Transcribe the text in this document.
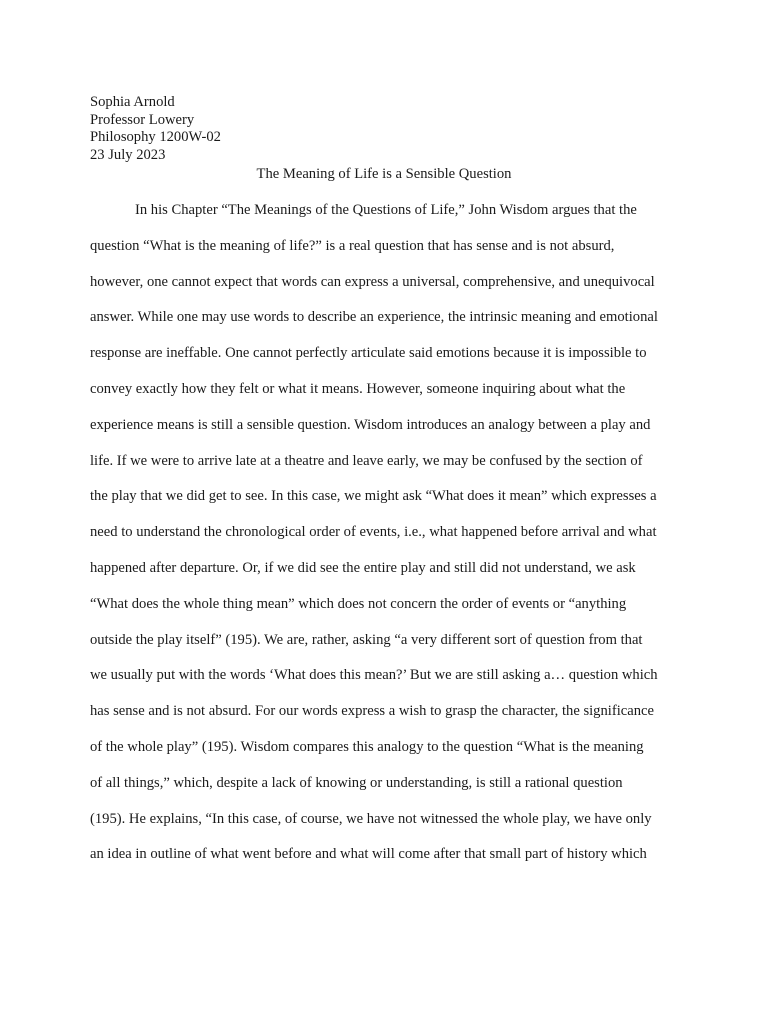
Sophia Arnold
Professor Lowery
Philosophy 1200W-02
23 July 2023
The Meaning of Life is a Sensible Question
In his Chapter “The Meanings of the Questions of Life,” John Wisdom argues that the
question “What is the meaning of life?” is a real question that has sense and is not absurd,
however, one cannot expect that words can express a universal, comprehensive, and unequivocal
answer. While one may use words to describe an experience, the intrinsic meaning and emotional
response are ineffable. One cannot perfectly articulate said emotions because it is impossible to
convey exactly how they felt or what it means. However, someone inquiring about what the
experience means is still a sensible question. Wisdom introduces an analogy between a play and
life. If we were to arrive late at a theatre and leave early, we may be confused by the section of
the play that we did get to see. In this case, we might ask “What does it mean” which expresses a
need to understand the chronological order of events, i.e., what happened before arrival and what
happened after departure. Or, if we did see the entire play and still did not understand, we ask
“What does the whole thing mean” which does not concern the order of events or “anything
outside the play itself” (195). We are, rather, asking “a very different sort of question from that
we usually put with the words ‘What does this mean?’ But we are still asking a… question which
has sense and is not absurd. For our words express a wish to grasp the character, the significance
of the whole play” (195). Wisdom compares this analogy to the question “What is the meaning
of all things,” which, despite a lack of knowing or understanding, is still a rational question
(195). He explains, “In this case, of course, we have not witnessed the whole play, we have only
an idea in outline of what went before and what will come after that small part of history which
